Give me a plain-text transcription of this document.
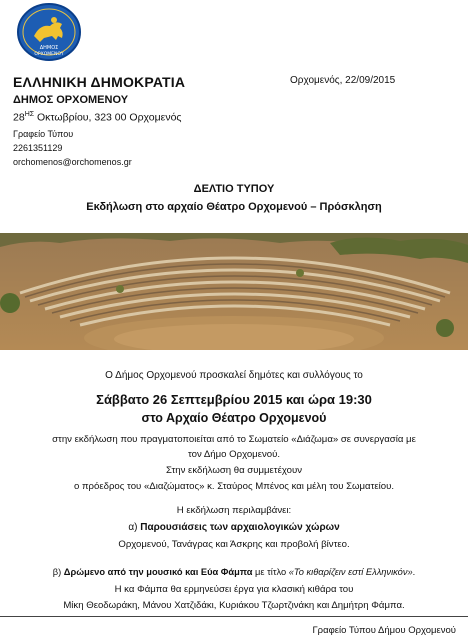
ΔΗΜΟΣ
ΟΡΧΟΜΕΝΟΥ
ΕΛΛΗΝΙΚΗ ΔΗΜΟΚΡΑΤΙΑ	Ορχομενός, 22/09/2015
ΔΗΜΟΣ ΟΡΧΟΜΕΝΟΥ
$28^{H\Sigma}$ Οκτωβρίου, 323 00 Ορχομενός
Γραφείο Τύπου
2261351129
orchomenos@orchomenos.gr
ΔΕΛΤΙΟ ΤΥΠΟΥ
Εκδήλωση στο αρχαίο Θέατρο Ορχομενού – Πρόσκληση
Ο Δήμος Ορχομενού προσκαλεί δημότες και συλλόγους το
Σάββατο 26 Σεπτεμβρίου 2015 και ώρα 19:30
στο Αρχαίο Θέατρο Ορχομενού
στην εκδήλωση που πραγματοποιείται από το Σωματείο «Διάζωμα» σε συνεργασία με
τον Δήμο Ορχομενού.
Στην εκδήλωση θα συμμετέχουν
ο πρόεδρος του «Διαζώματος» κ. Σταύρος Μπένος και μέλη του Σωματείου.
Η εκδήλωση περιλαμβάνει:
α) Παρουσιάσεις των αρχαιολογικών χώρων
Ορχομενού, Τανάγρας και Άσκρης και προβολή βίντεο.
β) Δρώμενο από την μουσικό και Εύα Φάμπα με τίτλο «Το κιθαρίζειν εστί Ελληνικόν».
Η κα Φάμπα θα ερμηνεύσει έργα για κλασική κιθάρα του
Μίκη Θεοδωράκη, Μάνου Χατζιδάκι, Κυριάκου Τζωρτζινάκη και Δημήτρη Φάμπα.
Γραφείο Τύπου Δήμου Ορχομενού
